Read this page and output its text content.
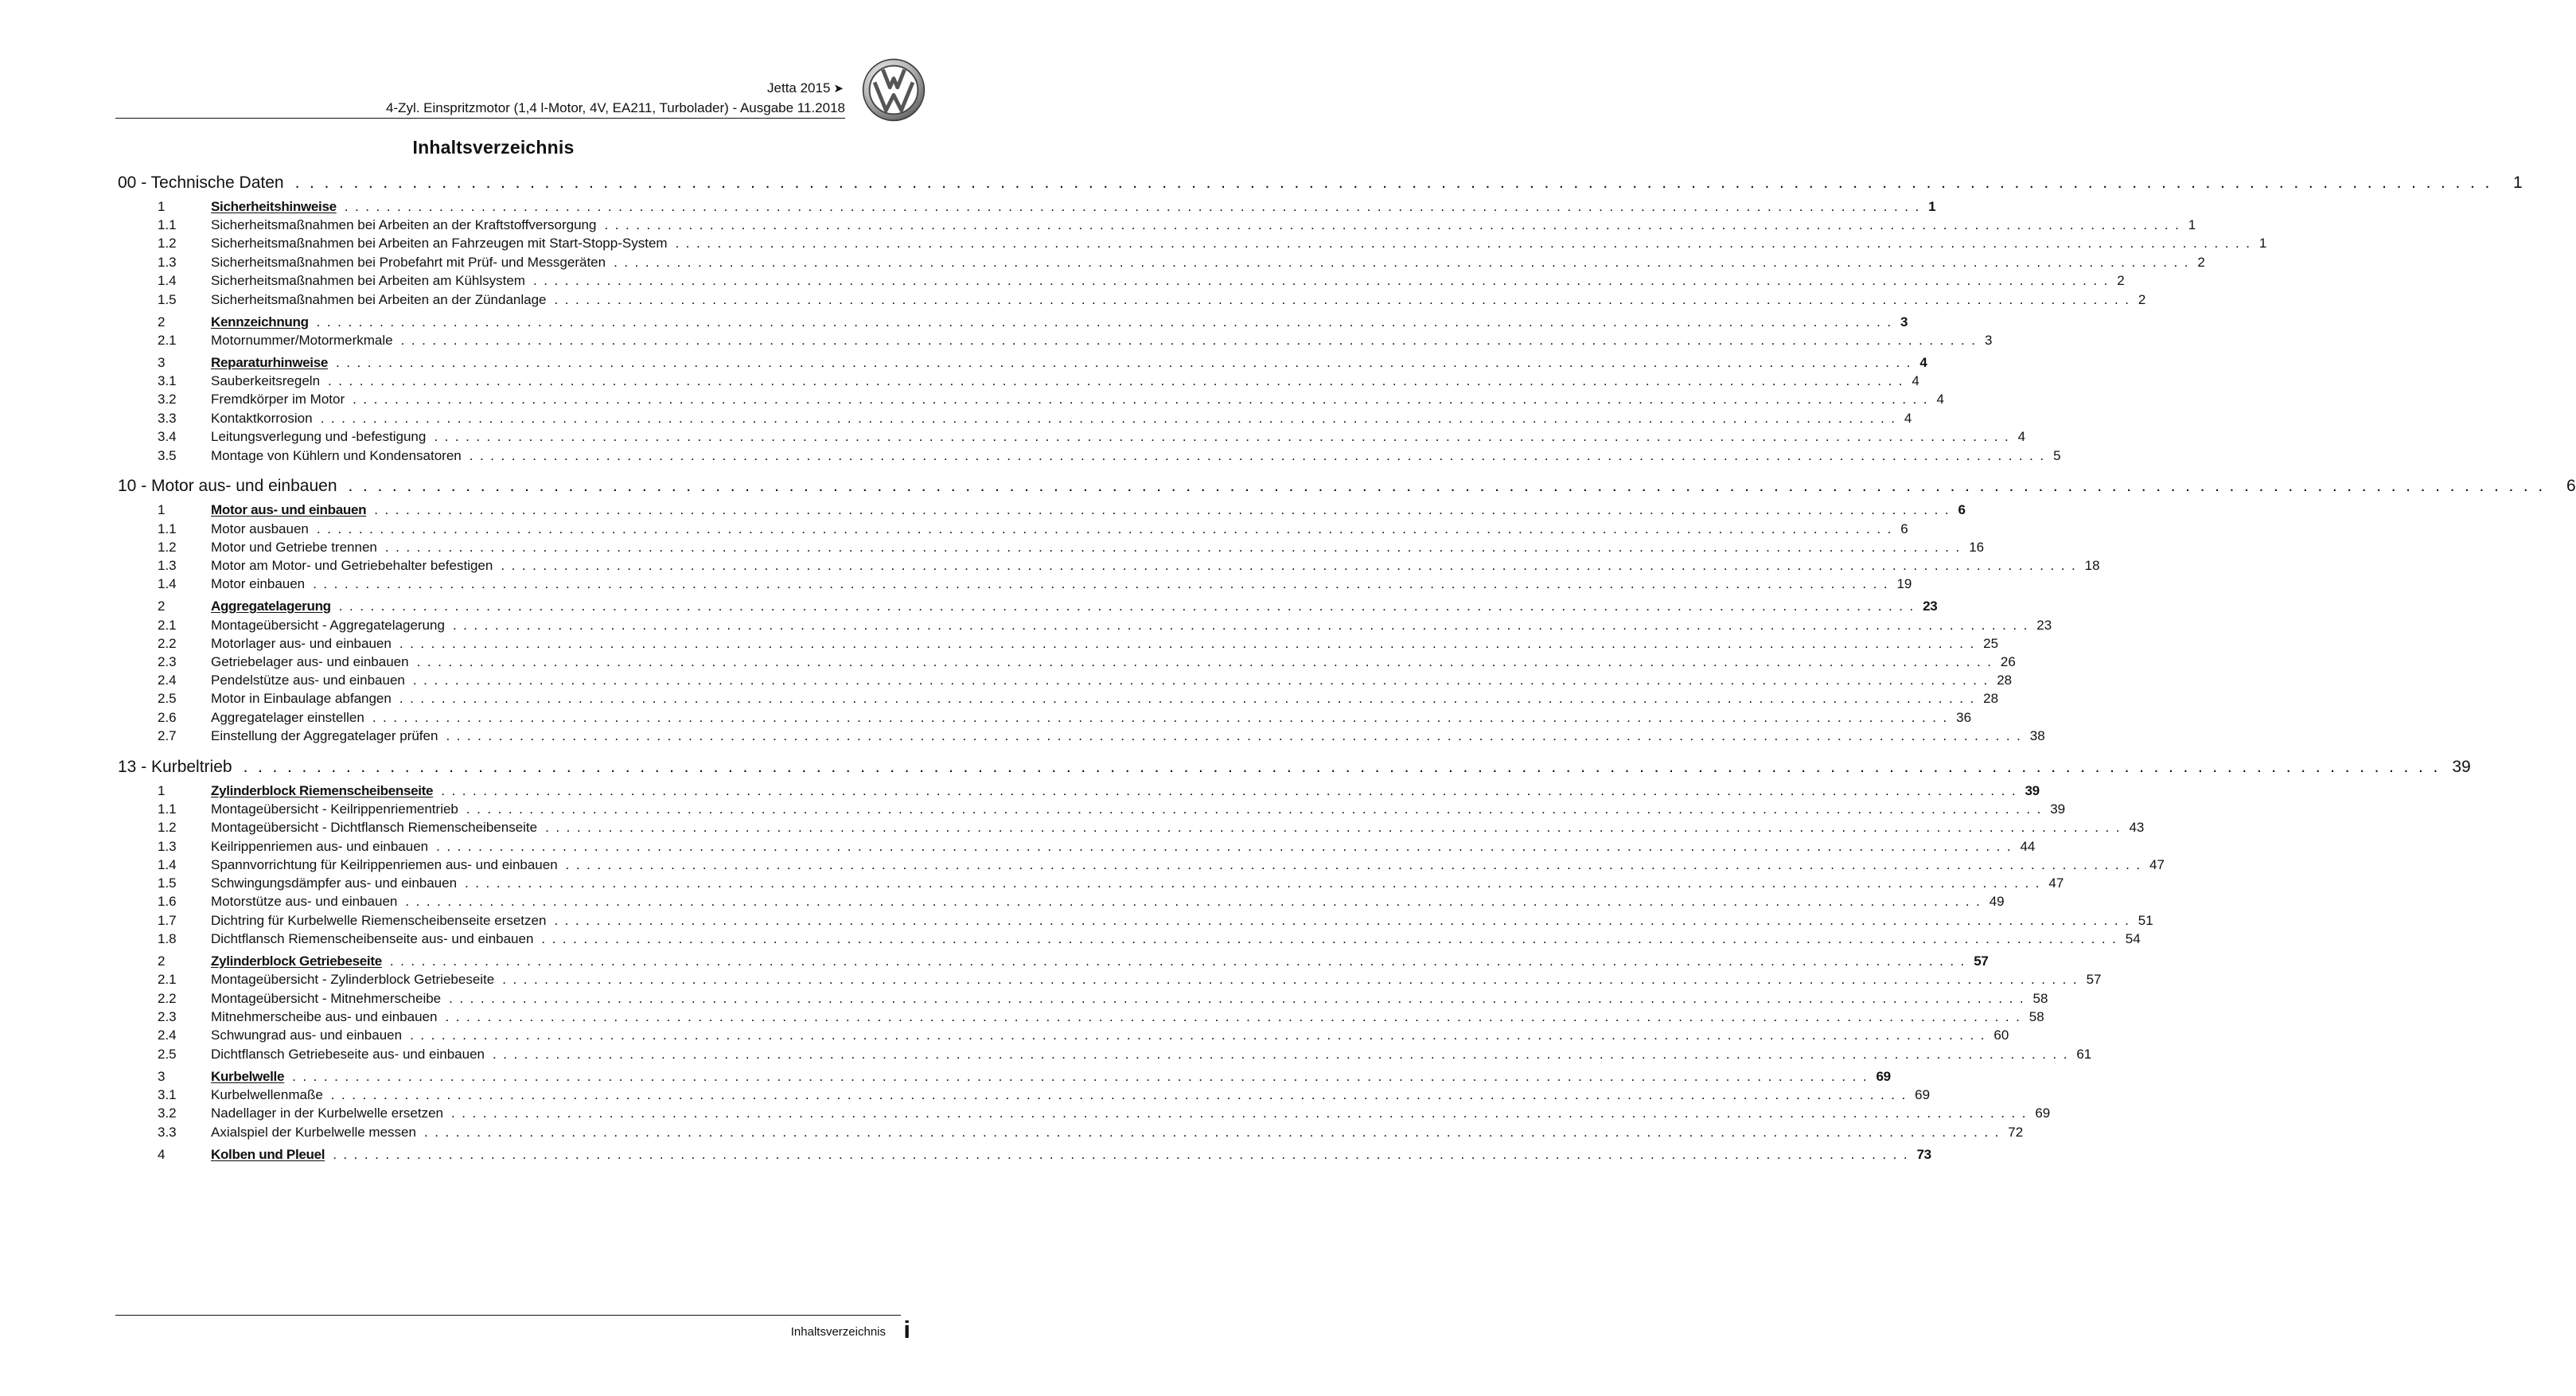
Jetta 2015 ➤
4-Zyl. Einspritzmotor (1,4 l-Motor, 4V, EA211, Turbolader) - Ausgabe 11.2018
Inhaltsverzeichnis
00 - Technische Daten . . . . . . . . . . . . . . . . . . . . . . . . . . . . . . . . . . . . . . . . . . . . . . . . . . . . . . . . . . . . . . . . . . . . . . . . . . . . . . . . . . . . . . . . . . . . . . . . . . . . . . . . . . . . . . . . . . . . . . . . . . . . . . . . . . . . . . . . . . . . . . . . . . . . . .	1
1	Sicherheitshinweise . . . . . . . . . . . . . . . . . . . . . . . . . . . . . . . . . . . . . . . . . . . . . . . . . . . . . . . . . . . . . . . . . . . . . . . . . . . . . . . . . . . . . . . . . . . . . . . . . . . . . . . . . . . . . . . . . . . . . . . . . . . . . . . . . . . . . . . . . . . . . . . . . . . . . . 1
1.1	Sicherheitsmaßnahmen bei Arbeiten an der Kraftstoffversorgung . . . . . . . . . . . . . . . . . . . . . . . . . . . . . . . . . . . . . . . . . . . . . . . . . . . . . . . . . . . . . . . . . . . . . . . . . . . . . . . . . . . . . . . . . . . . . . . . . . . . . . . . . . . . . . . . . . . . . . . . . . . . . . . . . . . . . . . . . . . . . . . . . . . . . . 1
1.2	Sicherheitsmaßnahmen bei Arbeiten an Fahrzeugen mit Start-Stopp-System . . . . . . . . . . . . . . . . . . . . . . . . . . . . . . . . . . . . . . . . . . . . . . . . . . . . . . . . . . . . . . . . . . . . . . . . . . . . . . . . . . . . . . . . . . . . . . . . . . . . . . . . . . . . . . . . . . . . . . . . . . . . . . . . . . . . . . . . . . . . . . . . . . . . . . 1
1.3	Sicherheitsmaßnahmen bei Probefahrt mit Prüf- und Messgeräten . . . . . . . . . . . . . . . . . . . . . . . . . . . . . . . . . . . . . . . . . . . . . . . . . . . . . . . . . . . . . . . . . . . . . . . . . . . . . . . . . . . . . . . . . . . . . . . . . . . . . . . . . . . . . . . . . . . . . . . . . . . . . . . . . . . . . . . . . . . . . . . . . . . . . . 2
1.4	Sicherheitsmaßnahmen bei Arbeiten am Kühlsystem . . . . . . . . . . . . . . . . . . . . . . . . . . . . . . . . . . . . . . . . . . . . . . . . . . . . . . . . . . . . . . . . . . . . . . . . . . . . . . . . . . . . . . . . . . . . . . . . . . . . . . . . . . . . . . . . . . . . . . . . . . . . . . . . . . . . . . . . . . . . . . . . . . . . . . 2
1.5	Sicherheitsmaßnahmen bei Arbeiten an der Zündanlage . . . . . . . . . . . . . . . . . . . . . . . . . . . . . . . . . . . . . . . . . . . . . . . . . . . . . . . . . . . . . . . . . . . . . . . . . . . . . . . . . . . . . . . . . . . . . . . . . . . . . . . . . . . . . . . . . . . . . . . . . . . . . . . . . . . . . . . . . . . . . . . . . . . . . . 2
2	Kennzeichnung . . . . . . . . . . . . . . . . . . . . . . . . . . . . . . . . . . . . . . . . . . . . . . . . . . . . . . . . . . . . . . . . . . . . . . . . . . . . . . . . . . . . . . . . . . . . . . . . . . . . . . . . . . . . . . . . . . . . . . . . . . . . . . . . . . . . . . . . . . . . . . . . . . . . . . 3
2.1	Motornummer/Motormerkmale . . . . . . . . . . . . . . . . . . . . . . . . . . . . . . . . . . . . . . . . . . . . . . . . . . . . . . . . . . . . . . . . . . . . . . . . . . . . . . . . . . . . . . . . . . . . . . . . . . . . . . . . . . . . . . . . . . . . . . . . . . . . . . . . . . . . . . . . . . . . . . . . . . . . . . 3
3	Reparaturhinweise . . . . . . . . . . . . . . . . . . . . . . . . . . . . . . . . . . . . . . . . . . . . . . . . . . . . . . . . . . . . . . . . . . . . . . . . . . . . . . . . . . . . . . . . . . . . . . . . . . . . . . . . . . . . . . . . . . . . . . . . . . . . . . . . . . . . . . . . . . . . . . . . . . . . . . 4
3.1	Sauberkeitsregeln . . . . . . . . . . . . . . . . . . . . . . . . . . . . . . . . . . . . . . . . . . . . . . . . . . . . . . . . . . . . . . . . . . . . . . . . . . . . . . . . . . . . . . . . . . . . . . . . . . . . . . . . . . . . . . . . . . . . . . . . . . . . . . . . . . . . . . . . . . . . . . . . . . . . . . 4
3.2	Fremdkörper im Motor . . . . . . . . . . . . . . . . . . . . . . . . . . . . . . . . . . . . . . . . . . . . . . . . . . . . . . . . . . . . . . . . . . . . . . . . . . . . . . . . . . . . . . . . . . . . . . . . . . . . . . . . . . . . . . . . . . . . . . . . . . . . . . . . . . . . . . . . . . . . . . . . . . . . . . 4
3.3	Kontaktkorrosion . . . . . . . . . . . . . . . . . . . . . . . . . . . . . . . . . . . . . . . . . . . . . . . . . . . . . . . . . . . . . . . . . . . . . . . . . . . . . . . . . . . . . . . . . . . . . . . . . . . . . . . . . . . . . . . . . . . . . . . . . . . . . . . . . . . . . . . . . . . . . . . . . . . . . . 4
3.4	Leitungsverlegung und -befestigung . . . . . . . . . . . . . . . . . . . . . . . . . . . . . . . . . . . . . . . . . . . . . . . . . . . . . . . . . . . . . . . . . . . . . . . . . . . . . . . . . . . . . . . . . . . . . . . . . . . . . . . . . . . . . . . . . . . . . . . . . . . . . . . . . . . . . . . . . . . . . . . . . . . . . . 4
3.5	Montage von Kühlern und Kondensatoren . . . . . . . . . . . . . . . . . . . . . . . . . . . . . . . . . . . . . . . . . . . . . . . . . . . . . . . . . . . . . . . . . . . . . . . . . . . . . . . . . . . . . . . . . . . . . . . . . . . . . . . . . . . . . . . . . . . . . . . . . . . . . . . . . . . . . . . . . . . . . . . . . . . . . . 5
10 - Motor aus- und einbauen . . . . . . . . . . . . . . . . . . . . . . . . . . . . . . . . . . . . . . . . . . . . . . . . . . . . . . . . . . . . . . . . . . . . . . . . . . . . . . . . . . . . . . . . . . . . . . . . . . . . . . . . . . . . . . . . . . . . . . . . . . . . . . . . . . . . . . . . . . . . . . . . . . . . . .	6
1	Motor aus- und einbauen . . . . . . . . . . . . . . . . . . . . . . . . . . . . . . . . . . . . . . . . . . . . . . . . . . . . . . . . . . . . . . . . . . . . . . . . . . . . . . . . . . . . . . . . . . . . . . . . . . . . . . . . . . . . . . . . . . . . . . . . . . . . . . . . . . . . . . . . . . . . . . . . . . . . . . 6
1.1	Motor ausbauen . . . . . . . . . . . . . . . . . . . . . . . . . . . . . . . . . . . . . . . . . . . . . . . . . . . . . . . . . . . . . . . . . . . . . . . . . . . . . . . . . . . . . . . . . . . . . . . . . . . . . . . . . . . . . . . . . . . . . . . . . . . . . . . . . . . . . . . . . . . . . . . . . . . . . . 6
1.2	Motor und Getriebe trennen . . . . . . . . . . . . . . . . . . . . . . . . . . . . . . . . . . . . . . . . . . . . . . . . . . . . . . . . . . . . . . . . . . . . . . . . . . . . . . . . . . . . . . . . . . . . . . . . . . . . . . . . . . . . . . . . . . . . . . . . . . . . . . . . . . . . . . . . . . . . . . . . . . . . . . 16
1.3	Motor am Motor- und Getriebehalter befestigen . . . . . . . . . . . . . . . . . . . . . . . . . . . . . . . . . . . . . . . . . . . . . . . . . . . . . . . . . . . . . . . . . . . . . . . . . . . . . . . . . . . . . . . . . . . . . . . . . . . . . . . . . . . . . . . . . . . . . . . . . . . . . . . . . . . . . . . . . . . . . . . . . . . . . . 18
1.4	Motor einbauen . . . . . . . . . . . . . . . . . . . . . . . . . . . . . . . . . . . . . . . . . . . . . . . . . . . . . . . . . . . . . . . . . . . . . . . . . . . . . . . . . . . . . . . . . . . . . . . . . . . . . . . . . . . . . . . . . . . . . . . . . . . . . . . . . . . . . . . . . . . . . . . . . . . . . . 19
2	Aggregatelagerung . . . . . . . . . . . . . . . . . . . . . . . . . . . . . . . . . . . . . . . . . . . . . . . . . . . . . . . . . . . . . . . . . . . . . . . . . . . . . . . . . . . . . . . . . . . . . . . . . . . . . . . . . . . . . . . . . . . . . . . . . . . . . . . . . . . . . . . . . . . . . . . . . . . . . . 23
2.1	Montageübersicht - Aggregatelagerung . . . . . . . . . . . . . . . . . . . . . . . . . . . . . . . . . . . . . . . . . . . . . . . . . . . . . . . . . . . . . . . . . . . . . . . . . . . . . . . . . . . . . . . . . . . . . . . . . . . . . . . . . . . . . . . . . . . . . . . . . . . . . . . . . . . . . . . . . . . . . . . . . . . . . . 23
2.2	Motorlager aus- und einbauen . . . . . . . . . . . . . . . . . . . . . . . . . . . . . . . . . . . . . . . . . . . . . . . . . . . . . . . . . . . . . . . . . . . . . . . . . . . . . . . . . . . . . . . . . . . . . . . . . . . . . . . . . . . . . . . . . . . . . . . . . . . . . . . . . . . . . . . . . . . . . . . . . . . . . . 25
2.3	Getriebelager aus- und einbauen . . . . . . . . . . . . . . . . . . . . . . . . . . . . . . . . . . . . . . . . . . . . . . . . . . . . . . . . . . . . . . . . . . . . . . . . . . . . . . . . . . . . . . . . . . . . . . . . . . . . . . . . . . . . . . . . . . . . . . . . . . . . . . . . . . . . . . . . . . . . . . . . . . . . . . 26
2.4	Pendelstütze aus- und einbauen . . . . . . . . . . . . . . . . . . . . . . . . . . . . . . . . . . . . . . . . . . . . . . . . . . . . . . . . . . . . . . . . . . . . . . . . . . . . . . . . . . . . . . . . . . . . . . . . . . . . . . . . . . . . . . . . . . . . . . . . . . . . . . . . . . . . . . . . . . . . . . . . . . . . . . 28
2.5	Motor in Einbaulage abfangen . . . . . . . . . . . . . . . . . . . . . . . . . . . . . . . . . . . . . . . . . . . . . . . . . . . . . . . . . . . . . . . . . . . . . . . . . . . . . . . . . . . . . . . . . . . . . . . . . . . . . . . . . . . . . . . . . . . . . . . . . . . . . . . . . . . . . . . . . . . . . . . . . . . . . . 28
2.6	Aggregatelager einstellen . . . . . . . . . . . . . . . . . . . . . . . . . . . . . . . . . . . . . . . . . . . . . . . . . . . . . . . . . . . . . . . . . . . . . . . . . . . . . . . . . . . . . . . . . . . . . . . . . . . . . . . . . . . . . . . . . . . . . . . . . . . . . . . . . . . . . . . . . . . . . . . . . . . . . . 36
2.7	Einstellung der Aggregatelager prüfen . . . . . . . . . . . . . . . . . . . . . . . . . . . . . . . . . . . . . . . . . . . . . . . . . . . . . . . . . . . . . . . . . . . . . . . . . . . . . . . . . . . . . . . . . . . . . . . . . . . . . . . . . . . . . . . . . . . . . . . . . . . . . . . . . . . . . . . . . . . . . . . . . . . . . . 38
13 - Kurbeltrieb . . . . . . . . . . . . . . . . . . . . . . . . . . . . . . . . . . . . . . . . . . . . . . . . . . . . . . . . . . . . . . . . . . . . . . . . . . . . . . . . . . . . . . . . . . . . . . . . . . . . . . . . . . . . . . . . . . . . . . . . . . . . . . . . . . . . . . . . . . . . . . . . . . . . . . 39
1	Zylinderblock Riemenscheibenseite . . . . . . . . . . . . . . . . . . . . . . . . . . . . . . . . . . . . . . . . . . . . . . . . . . . . . . . . . . . . . . . . . . . . . . . . . . . . . . . . . . . . . . . . . . . . . . . . . . . . . . . . . . . . . . . . . . . . . . . . . . . . . . . . . . . . . . . . . . . . . . . . . . . . . . 39
1.1	Montageübersicht - Keilrippenriementrieb . . . . . . . . . . . . . . . . . . . . . . . . . . . . . . . . . . . . . . . . . . . . . . . . . . . . . . . . . . . . . . . . . . . . . . . . . . . . . . . . . . . . . . . . . . . . . . . . . . . . . . . . . . . . . . . . . . . . . . . . . . . . . . . . . . . . . . . . . . . . . . . . . . . . . . 39
1.2	Montageübersicht - Dichtflansch Riemenscheibenseite . . . . . . . . . . . . . . . . . . . . . . . . . . . . . . . . . . . . . . . . . . . . . . . . . . . . . . . . . . . . . . . . . . . . . . . . . . . . . . . . . . . . . . . . . . . . . . . . . . . . . . . . . . . . . . . . . . . . . . . . . . . . . . . . . . . . . . . . . . . . . . . . . . . . . . 43
1.3	Keilrippenriemen aus- und einbauen . . . . . . . . . . . . . . . . . . . . . . . . . . . . . . . . . . . . . . . . . . . . . . . . . . . . . . . . . . . . . . . . . . . . . . . . . . . . . . . . . . . . . . . . . . . . . . . . . . . . . . . . . . . . . . . . . . . . . . . . . . . . . . . . . . . . . . . . . . . . . . . . . . . . . . 44
1.4	Spannvorrichtung für Keilrippenriemen aus- und einbauen . . . . . . . . . . . . . . . . . . . . . . . . . . . . . . . . . . . . . . . . . . . . . . . . . . . . . . . . . . . . . . . . . . . . . . . . . . . . . . . . . . . . . . . . . . . . . . . . . . . . . . . . . . . . . . . . . . . . . . . . . . . . . . . . . . . . . . . . . . . . . . . . . . . . . . 47
1.5	Schwingungsdämpfer aus- und einbauen . . . . . . . . . . . . . . . . . . . . . . . . . . . . . . . . . . . . . . . . . . . . . . . . . . . . . . . . . . . . . . . . . . . . . . . . . . . . . . . . . . . . . . . . . . . . . . . . . . . . . . . . . . . . . . . . . . . . . . . . . . . . . . . . . . . . . . . . . . . . . . . . . . . . . . 47
1.6	Motorstütze aus- und einbauen . . . . . . . . . . . . . . . . . . . . . . . . . . . . . . . . . . . . . . . . . . . . . . . . . . . . . . . . . . . . . . . . . . . . . . . . . . . . . . . . . . . . . . . . . . . . . . . . . . . . . . . . . . . . . . . . . . . . . . . . . . . . . . . . . . . . . . . . . . . . . . . . . . . . . . 49
1.7	Dichtring für Kurbelwelle Riemenscheibenseite ersetzen . . . . . . . . . . . . . . . . . . . . . . . . . . . . . . . . . . . . . . . . . . . . . . . . . . . . . . . . . . . . . . . . . . . . . . . . . . . . . . . . . . . . . . . . . . . . . . . . . . . . . . . . . . . . . . . . . . . . . . . . . . . . . . . . . . . . . . . . . . . . . . . . . . . . . . 51
1.8	Dichtflansch Riemenscheibenseite aus- und einbauen . . . . . . . . . . . . . . . . . . . . . . . . . . . . . . . . . . . . . . . . . . . . . . . . . . . . . . . . . . . . . . . . . . . . . . . . . . . . . . . . . . . . . . . . . . . . . . . . . . . . . . . . . . . . . . . . . . . . . . . . . . . . . . . . . . . . . . . . . . . . . . . . . . . . . . 54
2	Zylinderblock Getriebeseite . . . . . . . . . . . . . . . . . . . . . . . . . . . . . . . . . . . . . . . . . . . . . . . . . . . . . . . . . . . . . . . . . . . . . . . . . . . . . . . . . . . . . . . . . . . . . . . . . . . . . . . . . . . . . . . . . . . . . . . . . . . . . . . . . . . . . . . . . . . . . . . . . . . . . . 57
2.1	Montageübersicht - Zylinderblock Getriebeseite . . . . . . . . . . . . . . . . . . . . . . . . . . . . . . . . . . . . . . . . . . . . . . . . . . . . . . . . . . . . . . . . . . . . . . . . . . . . . . . . . . . . . . . . . . . . . . . . . . . . . . . . . . . . . . . . . . . . . . . . . . . . . . . . . . . . . . . . . . . . . . . . . . . . . . 57
2.2	Montageübersicht - Mitnehmerscheibe . . . . . . . . . . . . . . . . . . . . . . . . . . . . . . . . . . . . . . . . . . . . . . . . . . . . . . . . . . . . . . . . . . . . . . . . . . . . . . . . . . . . . . . . . . . . . . . . . . . . . . . . . . . . . . . . . . . . . . . . . . . . . . . . . . . . . . . . . . . . . . . . . . . . . . 58
2.3	Mitnehmerscheibe aus- und einbauen . . . . . . . . . . . . . . . . . . . . . . . . . . . . . . . . . . . . . . . . . . . . . . . . . . . . . . . . . . . . . . . . . . . . . . . . . . . . . . . . . . . . . . . . . . . . . . . . . . . . . . . . . . . . . . . . . . . . . . . . . . . . . . . . . . . . . . . . . . . . . . . . . . . . . . 58
2.4	Schwungrad aus- und einbauen . . . . . . . . . . . . . . . . . . . . . . . . . . . . . . . . . . . . . . . . . . . . . . . . . . . . . . . . . . . . . . . . . . . . . . . . . . . . . . . . . . . . . . . . . . . . . . . . . . . . . . . . . . . . . . . . . . . . . . . . . . . . . . . . . . . . . . . . . . . . . . . . . . . . . . 60
2.5	Dichtflansch Getriebeseite aus- und einbauen . . . . . . . . . . . . . . . . . . . . . . . . . . . . . . . . . . . . . . . . . . . . . . . . . . . . . . . . . . . . . . . . . . . . . . . . . . . . . . . . . . . . . . . . . . . . . . . . . . . . . . . . . . . . . . . . . . . . . . . . . . . . . . . . . . . . . . . . . . . . . . . . . . . . . . 61
3	Kurbelwelle . . . . . . . . . . . . . . . . . . . . . . . . . . . . . . . . . . . . . . . . . . . . . . . . . . . . . . . . . . . . . . . . . . . . . . . . . . . . . . . . . . . . . . . . . . . . . . . . . . . . . . . . . . . . . . . . . . . . . . . . . . . . . . . . . . . . . . . . . . . . . . . . . . . . . . 69
3.1	Kurbelwellenmaße . . . . . . . . . . . . . . . . . . . . . . . . . . . . . . . . . . . . . . . . . . . . . . . . . . . . . . . . . . . . . . . . . . . . . . . . . . . . . . . . . . . . . . . . . . . . . . . . . . . . . . . . . . . . . . . . . . . . . . . . . . . . . . . . . . . . . . . . . . . . . . . . . . . . . . 69
3.2	Nadellager in der Kurbelwelle ersetzen . . . . . . . . . . . . . . . . . . . . . . . . . . . . . . . . . . . . . . . . . . . . . . . . . . . . . . . . . . . . . . . . . . . . . . . . . . . . . . . . . . . . . . . . . . . . . . . . . . . . . . . . . . . . . . . . . . . . . . . . . . . . . . . . . . . . . . . . . . . . . . . . . . . . . . 69
3.3	Axialspiel der Kurbelwelle messen . . . . . . . . . . . . . . . . . . . . . . . . . . . . . . . . . . . . . . . . . . . . . . . . . . . . . . . . . . . . . . . . . . . . . . . . . . . . . . . . . . . . . . . . . . . . . . . . . . . . . . . . . . . . . . . . . . . . . . . . . . . . . . . . . . . . . . . . . . . . . . . . . . . . . . 72
4	Kolben und Pleuel . . . . . . . . . . . . . . . . . . . . . . . . . . . . . . . . . . . . . . . . . . . . . . . . . . . . . . . . . . . . . . . . . . . . . . . . . . . . . . . . . . . . . . . . . . . . . . . . . . . . . . . . . . . . . . . . . . . . . . . . . . . . . . . . . . . . . . . . . . . . . . . . . . . . . . 73
Inhaltsverzeichnis i
